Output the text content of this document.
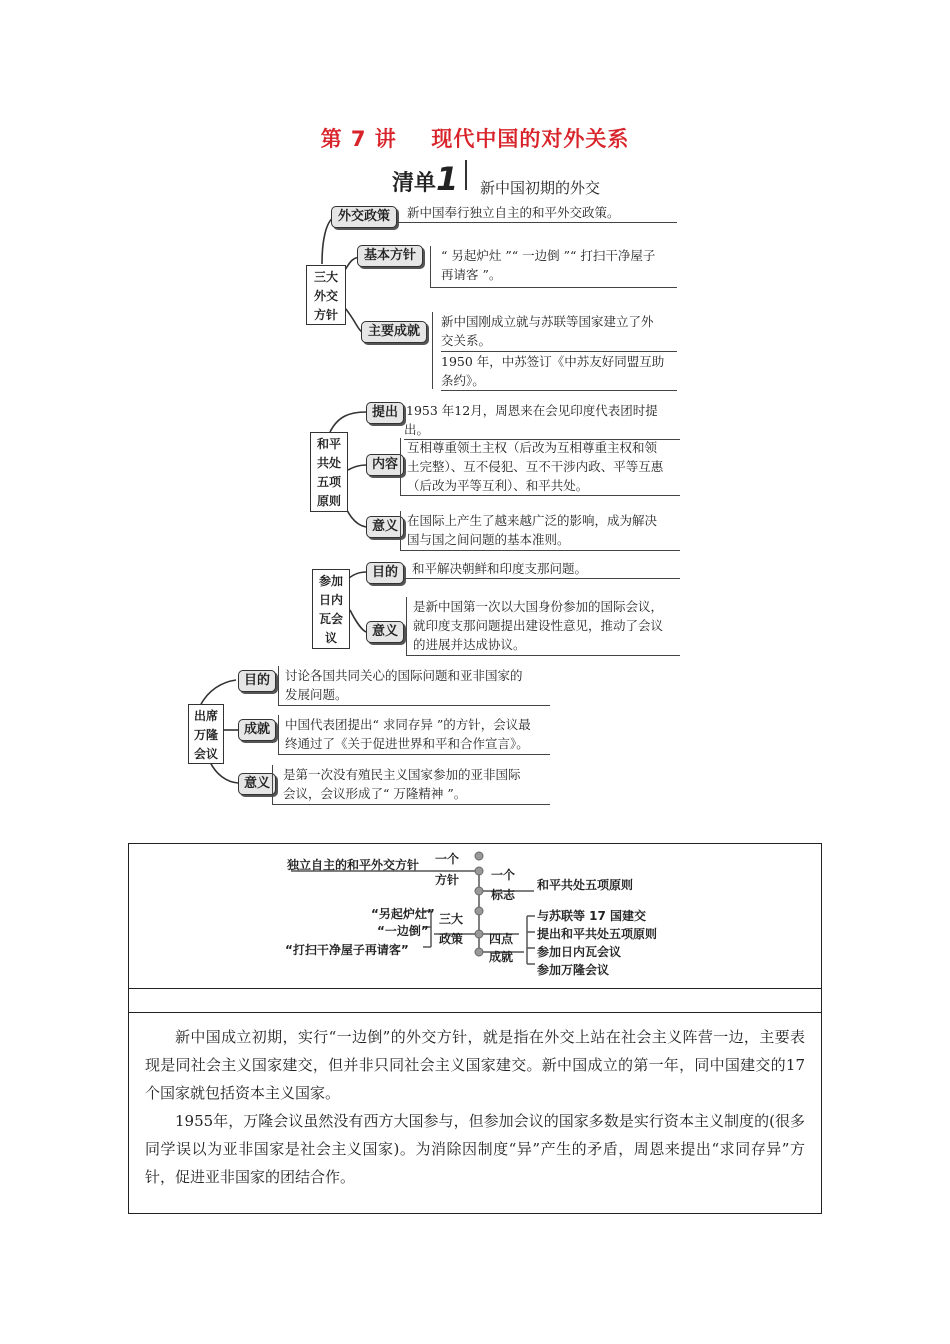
第 7 讲 现代中国的对外关系
清单1 新中国初期的外交
三大
外交
方针
外交政策	新中国奉行独立自主的和平外交政策。
基本方针	“ 另起炉灶 ”“ 一边倒 ”“ 打扫干净屋子
再请客 ”。
主要成就
新中国刚成立就与苏联等国家建立了外
交关系。
1950 年，中苏签订《中苏友好同盟互助
条约》。
和平
共处
五项
原则
提出 1953 年12月，周恩来在会见印度代表团时提出。
内容
互相尊重领土主权（后改为互相尊重主权和领
土完整）、互不侵犯、互不干涉内政、平等互惠
（后改为平等互利）、和平共处。
意义 在国际上产生了越来越广泛的影响，成为解决
国与国之间问题的基本准则。
参加
日内
瓦会
议
目的	和平解决朝鲜和印度支那问题。
意义
是新中国第一次以大国身份参加的国际会议，
就印度支那问题提出建设性意见，推动了会议
的进展并达成协议。
出席
万隆
会议
目的	讨论各国共同关心的国际问题和亚非国家的
发展问题。
成就	中国代表团提出“ 求同存异 ”的方针，会议最
终通过了《关于促进世界和平和合作宣言》。
意义
是第一次没有殖民主义国家参加的亚非国际
会议，会议形成了“ 万隆精神 ”。
独立自主的和平外交方针 一个
方针	一个
标志
和平共处五项原则
“另起炉灶”
“一边倒”
“打扫干净屋子再请客”
三大
政策 四点
成就
与苏联等 17 国建交
提出和平共处五项原则
参加日内瓦会议
参加万隆会议

新中国成立初期，实行“一边倒”的外交方针，就是指在外交上站在社会主义阵营一边，主要表现是同社会主义国家建交，但并非只同社会主义国家建交。新中国成立的第一年，同中国建交的17个国家就包括资本主义国家。

1955年，万隆会议虽然没有西方大国参与，但参加会议的国家多数是实行资本主义制度的(很多同学误以为亚非国家是社会主义国家)。为消除因制度“异”产生的矛盾，周恩来提出“求同存异”方针，促进亚非国家的团结合作。
